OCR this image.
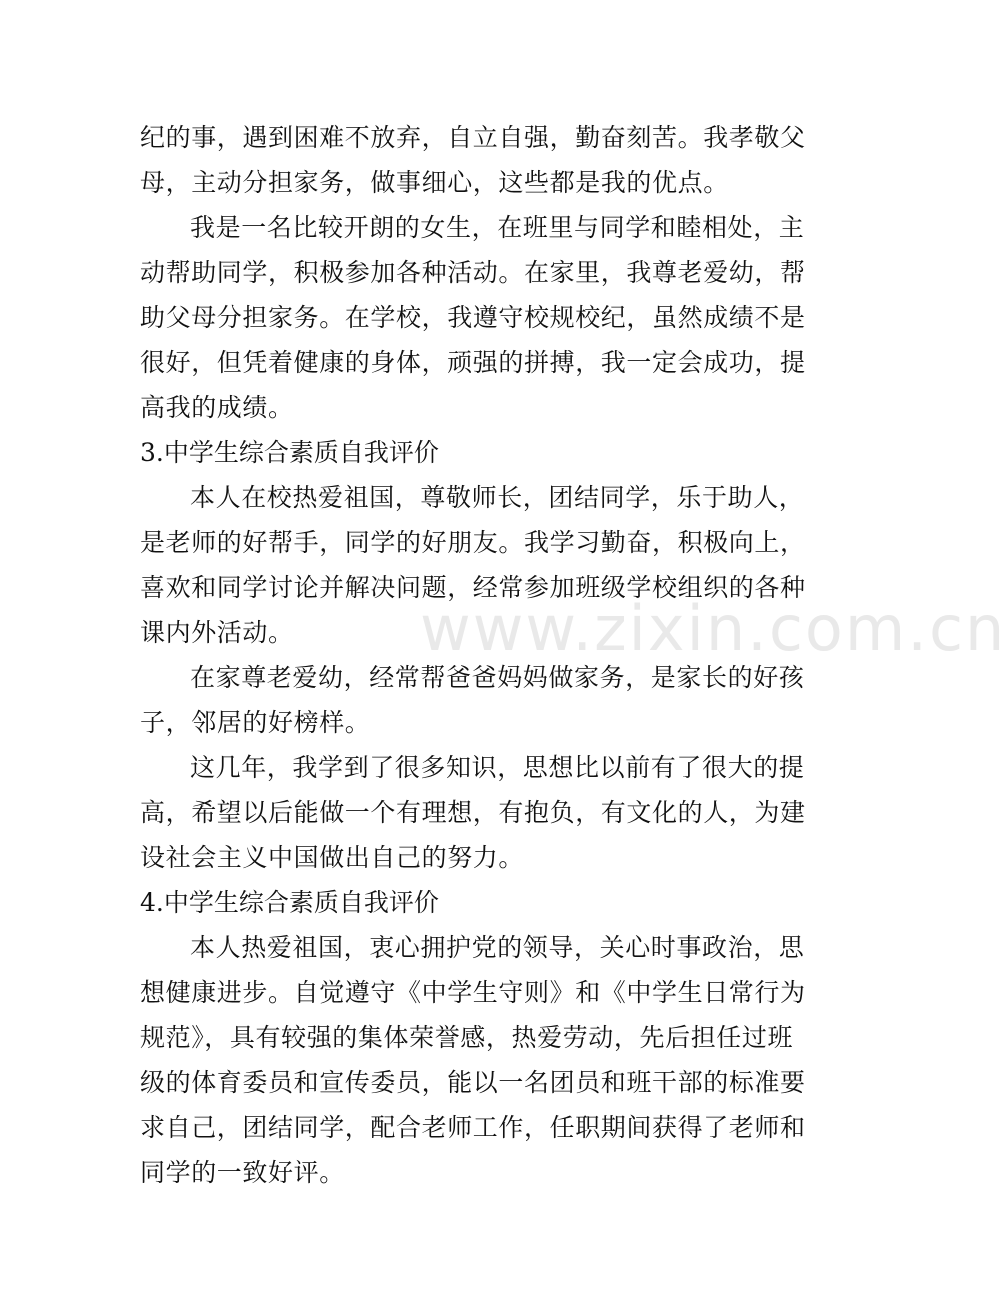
www.zixin.com.cn
纪的事，遇到困难不放弃，自立自强，勤奋刻苦。我孝敬父
母，主动分担家务，做事细心，这些都是我的优点。
我是一名比较开朗的女生，在班里与同学和睦相处，主
动帮助同学，积极参加各种活动。在家里，我尊老爱幼，帮
助父母分担家务。在学校，我遵守校规校纪，虽然成绩不是
很好，但凭着健康的身体，顽强的拼搏，我一定会成功，提
高我的成绩。
3.中学生综合素质自我评价
本人在校热爱祖国，尊敬师长，团结同学，乐于助人，
是老师的好帮手，同学的好朋友。我学习勤奋，积极向上，
喜欢和同学讨论并解决问题，经常参加班级学校组织的各种
课内外活动。
在家尊老爱幼，经常帮爸爸妈妈做家务，是家长的好孩
子，邻居的好榜样。
这几年，我学到了很多知识，思想比以前有了很大的提
高，希望以后能做一个有理想，有抱负，有文化的人，为建
设社会主义中国做出自己的努力。
4.中学生综合素质自我评价
本人热爱祖国，衷心拥护党的领导，关心时事政治，思
想健康进步。自觉遵守《中学生守则》和《中学生日常行为
规范》，具有较强的集体荣誉感，热爱劳动，先后担任过班
级的体育委员和宣传委员，能以一名团员和班干部的标准要
求自己，团结同学，配合老师工作，任职期间获得了老师和
同学的一致好评。
